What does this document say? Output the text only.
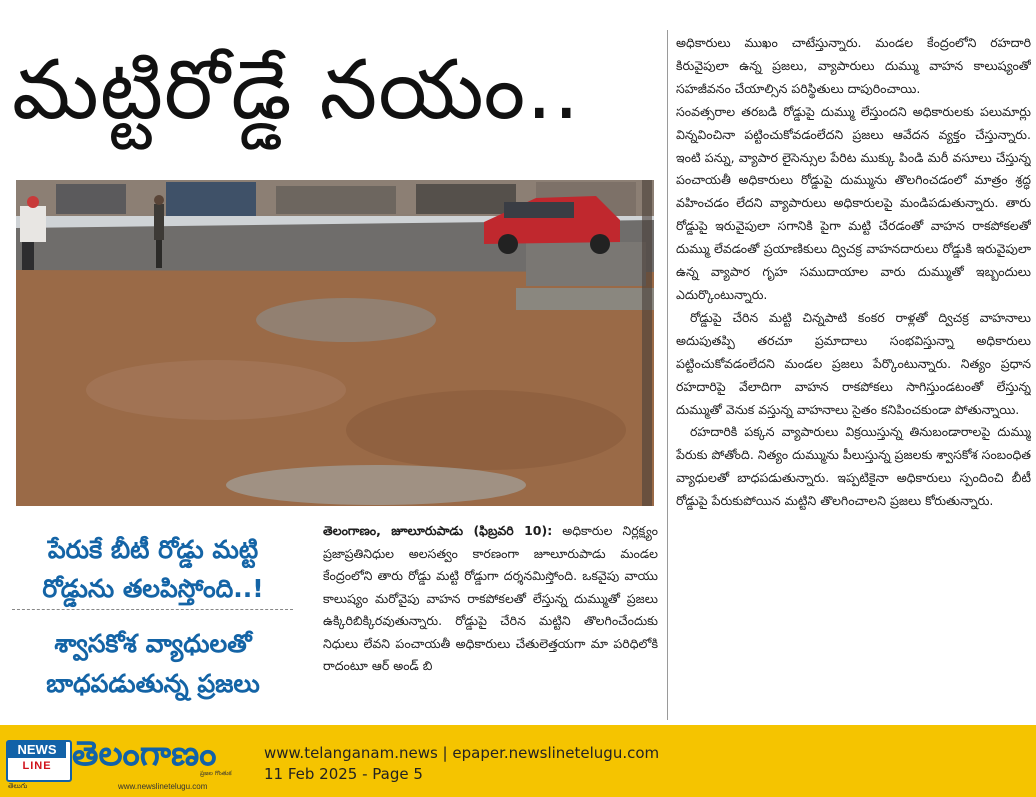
మట్టిరోడ్డే నయం..

అధికారులు ముఖం చాటేస్తున్నారు. మండల కేంద్రంలోని రహదారి కిరువైపులా ఉన్న ప్రజలు, వ్యాపారులు దుమ్ము వాహన కాలుష్యంతో సహజీవనం చేయాల్సిన పరిస్థితులు దాపురించాయి.

సంవత్సరాల తరబడి రోడ్డుపై దుమ్ము లేస్తుందని అధికారులకు పలుమార్లు విన్నవించినా పట్టించుకోవడంలేదని ప్రజలు ఆవేదన వ్యక్తం చేస్తున్నారు. ఇంటి పన్ను, వ్యాపార లైసెన్సుల పేరిట ముక్కు పిండి మరీ వసూలు చేస్తున్న పంచాయతీ అధికారులు రోడ్డుపై దుమ్మును తొలగించడంలో మాత్రం శ్రద్ధ వహించడం లేదని వ్యాపారులు అధికారులపై మండిపడుతున్నారు. తారు రోడ్డుపై ఇరువైపులా సగానికి పైగా మట్టి చేరడంతో వాహన రాకపోకలతో దుమ్ము లేవడంతో ప్రయాణికులు ద్విచక్ర వాహనదారులు రోడ్డుకి ఇరువైపులా ఉన్న వ్యాపార గృహ సముదాయాల వారు దుమ్ముతో ఇబ్బందులు ఎదుర్కొంటున్నారు.

రోడ్డుపై చేరిన మట్టి చిన్నపాటి కంకర రాళ్లతో ద్విచక్ర వాహనాలు అదుపుతప్పి తరచూ ప్రమాదాలు సంభవిస్తున్నా అధికారులు పట్టించుకోవడంలేదని మండల ప్రజలు పేర్కొంటున్నారు. నిత్యం ప్రధాన రహదారిపై వేలాదిగా వాహన రాకపోకలు సాగిస్తుండటంతో లేస్తున్న దుమ్ముతో వెనుక వస్తున్న వాహనాలు సైతం కనిపించకుండా పోతున్నాయి.

రహదారికి పక్కన వ్యాపారులు విక్రయిస్తున్న తినుబండారాలపై దుమ్ము పేరుకు పోతోంది. నిత్యం దుమ్మును పీలుస్తున్న ప్రజలకు శ్వాసకోశ సంబంధిత వ్యాధులతో బాధపడుతున్నారు. ఇప్పటికైనా అధికారులు స్పందించి బీటీ రోడ్డుపై పేరుకుపోయిన మట్టిని తొలగించాలని ప్రజలు కోరుతున్నారు.

పేరుకే బీటీ రోడ్డు మట్టి రోడ్డును తలపిస్తోంది..!
శ్వాసకోశ వ్యాధులతో బాధపడుతున్న ప్రజలు
తెలంగాణం, జూలూరుపాడు (ఫిబ్రవరి 10): అధికారుల నిర్లక్ష్యం ప్రజాప్రతినిధుల అలసత్వం కారణంగా జూలూరుపాడు మండల కేంద్రంలోని తారు రోడ్డు మట్టి రోడ్డుగా దర్శనమిస్తోంది. ఒకవైపు వాయు కాలుష్యం మరోవైపు వాహన రాకపోకలతో లేస్తున్న దుమ్ముతో ప్రజలు ఉక్కిరిబిక్కిరవుతున్నారు. రోడ్డుపై చేరిన మట్టిని తొలగించేందుకు నిధులు లేవని పంచాయతీ అధికారులు చేతులెత్తయగా మా పరిధిలోకి రాదంటూ ఆర్ అండ్ బి
NEWS
LINE
తెలుగు
తెలంగాణం
ప్రజల గొంతుక
www.newslinetelugu.com
www.telanganam.news | epaper.newslinetelugu.com
11 Feb 2025 - Page 5
